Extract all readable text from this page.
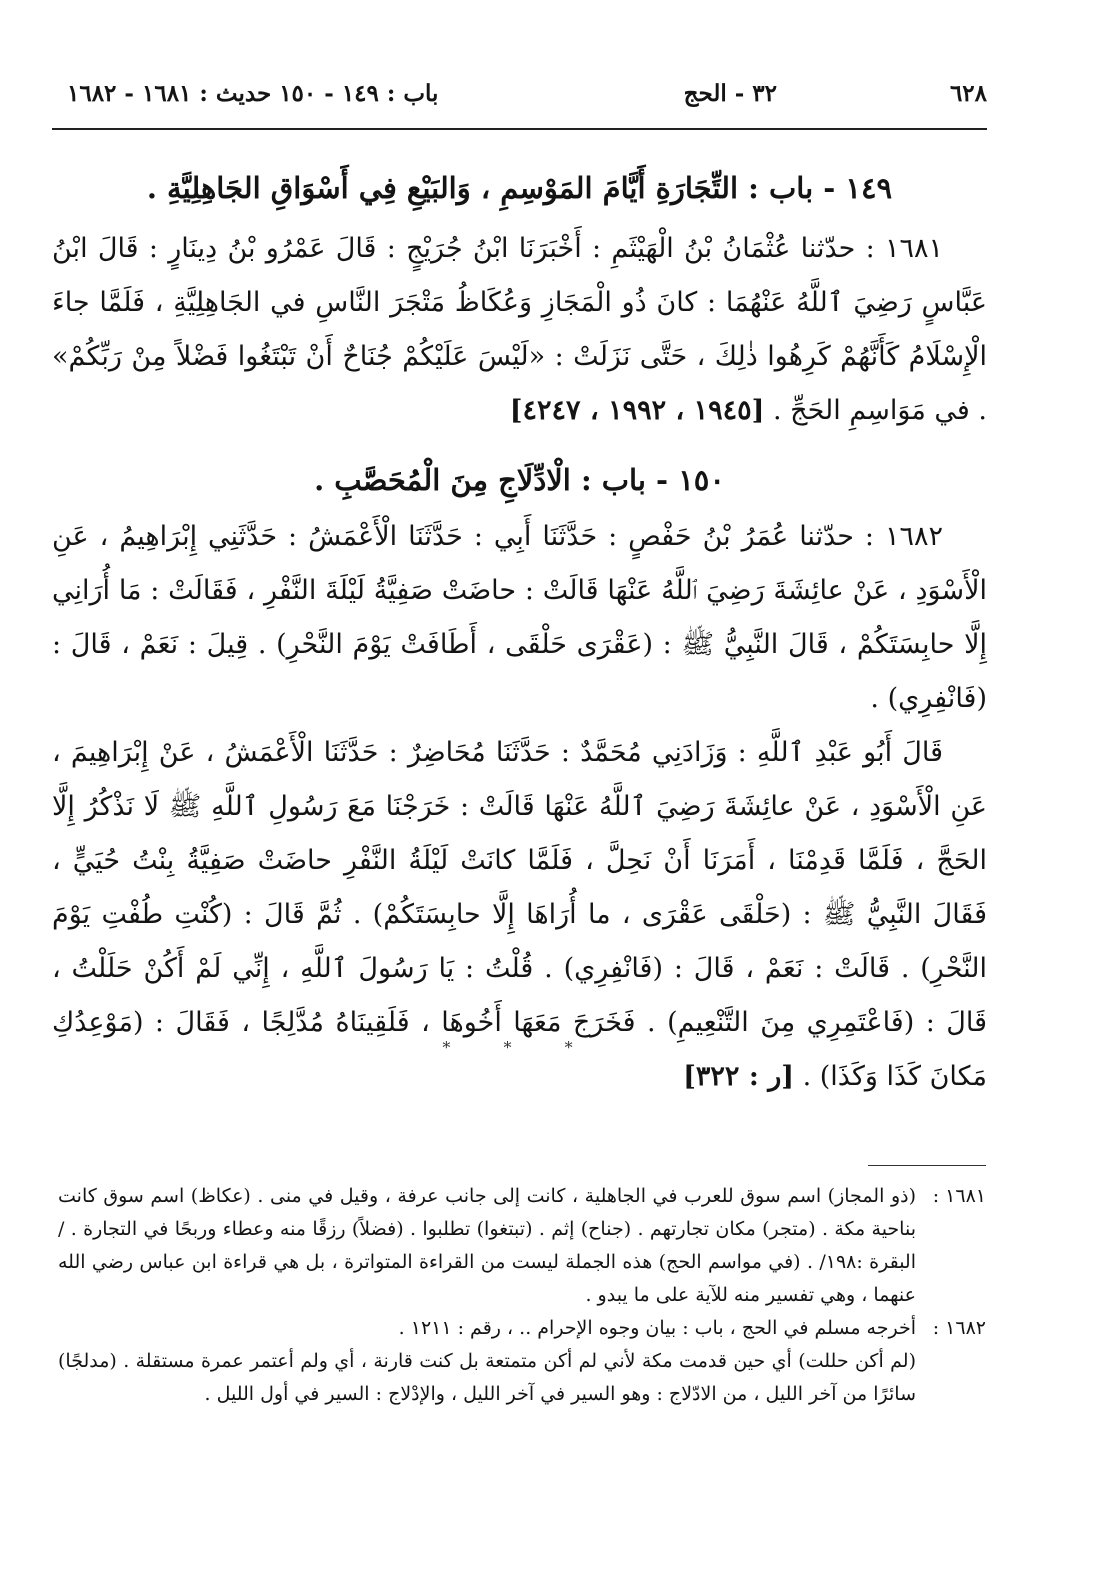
٦٢٨
٣٢ - الحج
باب : ١٤٩ - ١٥٠ حديث : ١٦٨١ - ١٦٨٢
١٤٩ - باب : التِّجَارَةِ أَيَّامَ المَوْسِمِ ، وَالبَيْعِ فِي أَسْوَاقِ الجَاهِلِيَّةِ .
١٦٨١ : حدّثنا عُثْمَانُ بْنُ الْهَيْثَمِ : أَخْبَرَنَا ابْنُ جُرَيْجٍ : قَالَ عَمْرُو بْنُ دِينَارٍ : قَالَ ابْنُ عَبَّاسٍ رَضِيَ ٱللَّهُ عَنْهُمَا : كانَ ذُو الْمَجَازِ وَعُكَاظُ مَتْجَرَ النَّاسِ في الجَاهِلِيَّةِ ، فَلَمَّا جاءَ الْإِسْلَامُ كَأَنَّهُمْ كَرِهُوا ذٰلِكَ ، حَتَّى نَزَلَتْ : «لَيْسَ عَلَيْكُمْ جُنَاحٌ أَنْ تَبْتَغُوا فَضْلاً مِنْ رَبِّكُمْ» . في مَوَاسِمِ الحَجِّ . [١٩٤٥ ، ١٩٩٢ ، ٤٢٤٧]
١٥٠ - باب : الْادِّلَاجِ مِنَ الْمُحَصَّبِ .
١٦٨٢ : حدّثنا عُمَرُ بْنُ حَفْصٍ : حَدَّثَنَا أَبِي : حَدَّثَنَا الْأَعْمَشُ : حَدَّثَنِي إِبْرَاهِيمُ ، عَنِ الْأَسْوَدِ ، عَنْ عائِشَةَ رَضِيَ ٱللَّهُ عَنْهَا قَالَتْ : حاضَتْ صَفِيَّةُ لَيْلَةَ النَّفْرِ ، فَقَالَتْ : مَا أُرَانِي إِلَّا حابِسَتَكُمْ ، قَالَ النَّبِيُّ ﷺ : (عَقْرَى حَلْقَى ، أَطَافَتْ يَوْمَ النَّحْرِ) . قِيلَ : نَعَمْ ، قَالَ : (فَانْفِرِي) .
قَالَ أَبُو عَبْدِ ٱللَّهِ : وَزَادَنِي مُحَمَّدٌ : حَدَّثَنَا مُحَاضِرٌ : حَدَّثَنَا الْأَعْمَشُ ، عَنْ إِبْرَاهِيمَ ، عَنِ الْأَسْوَدِ ، عَنْ عائِشَةَ رَضِيَ ٱللَّهُ عَنْهَا قَالَتْ : خَرَجْنَا مَعَ رَسُولِ ٱللَّهِ ﷺ لَا نَذْكُرُ إِلَّا الحَجَّ ، فَلَمَّا قَدِمْنَا ، أَمَرَنَا أَنْ نَحِلَّ ، فَلَمَّا كانَتْ لَيْلَةُ النَّفْرِ حاضَتْ صَفِيَّةُ بِنْتُ حُيَيٍّ ، فَقَالَ النَّبِيُّ ﷺ : (حَلْقَى عَقْرَى ، ما أُرَاهَا إِلَّا حابِسَتَكُمْ) . ثُمَّ قَالَ : (كُنْتِ طُفْتِ يَوْمَ النَّحْرِ) . قَالَتْ : نَعَمْ ، قَالَ : (فَانْفِرِي) . قُلْتُ : يَا رَسُولَ ٱللَّهِ ، إِنِّي لَمْ أَكُنْ حَلَلْتُ ، قَالَ : (فَاعْتَمِرِي مِنَ التَّنْعِيمِ) . فَخَرَجَ مَعَهَا أَخُوهَا ، فَلَقِينَاهُ مُدَّلِجًا ، فَقَالَ : (مَوْعِدُكِ مَكانَ كَذَا وَكَذَا) . [ر : ٣٢٢]
* * *
١٦٨١ :
(ذو المجاز) اسم سوق للعرب في الجاهلية ، كانت إلى جانب عرفة ، وقيل في منى . (عكاظ) اسم سوق كانت بناحية مكة . (متجر) مكان تجارتهم . (جناح) إثم . (تبتغوا) تطلبوا . (فضلاً) رزقًا منه وعطاء وربحًا في التجارة . /البقرة :١٩٨/ . (في مواسم الحج) هذه الجملة ليست من القراءة المتواترة ، بل هي قراءة ابن عباس رضي الله عنهما ، وهي تفسير منه للآية على ما يبدو .
١٦٨٢ :
أخرجه مسلم في الحج ، باب : بيان وجوه الإحرام .. ، رقم : ١٢١١ .
(لم أكن حللت) أي حين قدمت مكة لأني لم أكن متمتعة بل كنت قارنة ، أي ولم أعتمر عمرة مستقلة . (مدلجًا) سائرًا من آخر الليل ، من الادّلاج : وهو السير في آخر الليل ، والإدْلاج : السير في أول الليل .
